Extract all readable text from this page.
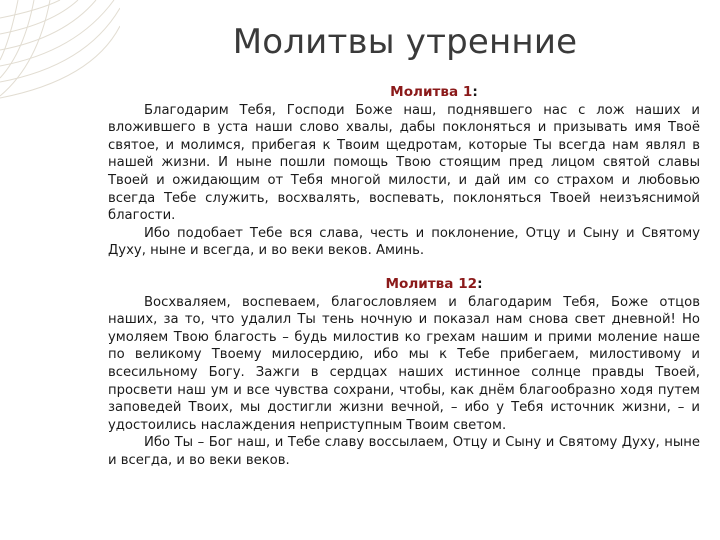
Молитвы утренние
Молитва 1:

Благодарим Тебя, Господи Боже наш, поднявшего нас с лож наших и вложившего в уста наши слово хвалы, дабы поклоняться и призывать имя Твоё святое, и молимся, прибегая к Твоим щедротам, которые Ты всегда нам являл в нашей жизни. И ныне пошли помощь Твою стоящим пред лицом святой славы Твоей и ожидающим от Тебя многой милости, и дай им со страхом и любовью всегда Тебе служить, восхвалять, воспевать, поклоняться Твоей неизъяснимой благости.

Ибо подобает Тебе вся слава, честь и поклонение, Отцу и Сыну и Святому Духу, ныне и всегда, и во веки веков. Аминь.

Молитва 12:

Восхваляем, воспеваем, благословляем и благодарим Тебя, Боже отцов наших, за то, что удалил Ты тень ночную и показал нам снова свет дневной! Но умоляем Твою благость – будь милостив ко грехам нашим и прими моление наше по великому Твоему милосердию, ибо мы к Тебе прибегаем, милостивому и всесильному Богу. Зажги в сердцах наших истинное солнце правды Твоей, просвети наш ум и все чувства сохрани, чтобы, как днём благообразно ходя путем заповедей Твоих, мы достигли жизни вечной, – ибо у Тебя источник жизни, – и удостоились наслаждения неприступным Твоим светом.

Ибо Ты – Бог наш, и Тебе славу воссылаем, Отцу и Сыну и Святому Духу, ныне и всегда, и во веки веков.
